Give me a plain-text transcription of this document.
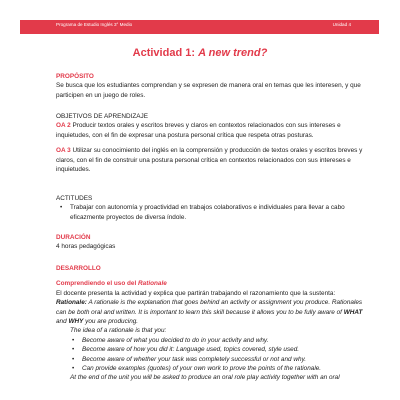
Programa de Estudio Inglés 3° Medio	Unidad 4
Actividad 1: A new trend?

PROPÓSITO

Se busca que los estudiantes comprendan y se expresen de manera oral en temas que les interesen, y que participen en un juego de roles.

OBJETIVOS DE APRENDIZAJE

OA 2 Producir textos orales y escritos breves y claros en contextos relacionados con sus intereses e inquietudes, con el fin de expresar una postura personal crítica que respeta otras posturas.

OA 3 Utilizar su conocimiento del inglés en la comprensión y producción de textos orales y escritos breves y claros, con el fin de construir una postura personal crítica en contextos relacionados con sus intereses e inquietudes.

ACTITUDES

• Trabajar con autonomía y proactividad en trabajos colaborativos e individuales para llevar a cabo eficazmente proyectos de diversa índole.

DURACIÓN

4 horas pedagógicas

DESARROLLO

Comprendiendo el uso del Rationale

El docente presenta la actividad y explica que partirán trabajando el razonamiento que la sustenta:

Rationale: A rationale is the explanation that goes behind an activity or assignment you produce. Rationales can be both oral and written. It is important to learn this skill because it allows you to be fully aware of WHAT and WHY you are producing.

The idea of a rationale is that you:

• Become aware of what you decided to do in your activity and why.

• Become aware of how you did it: Language used, topics covered, style used.

• Become aware of whether your task was completely successful or not and why.

• Can provide examples (quotes) of your own work to prove the points of the rationale.

At the end of the unit you will be asked to produce an oral role play activity together with an oral
